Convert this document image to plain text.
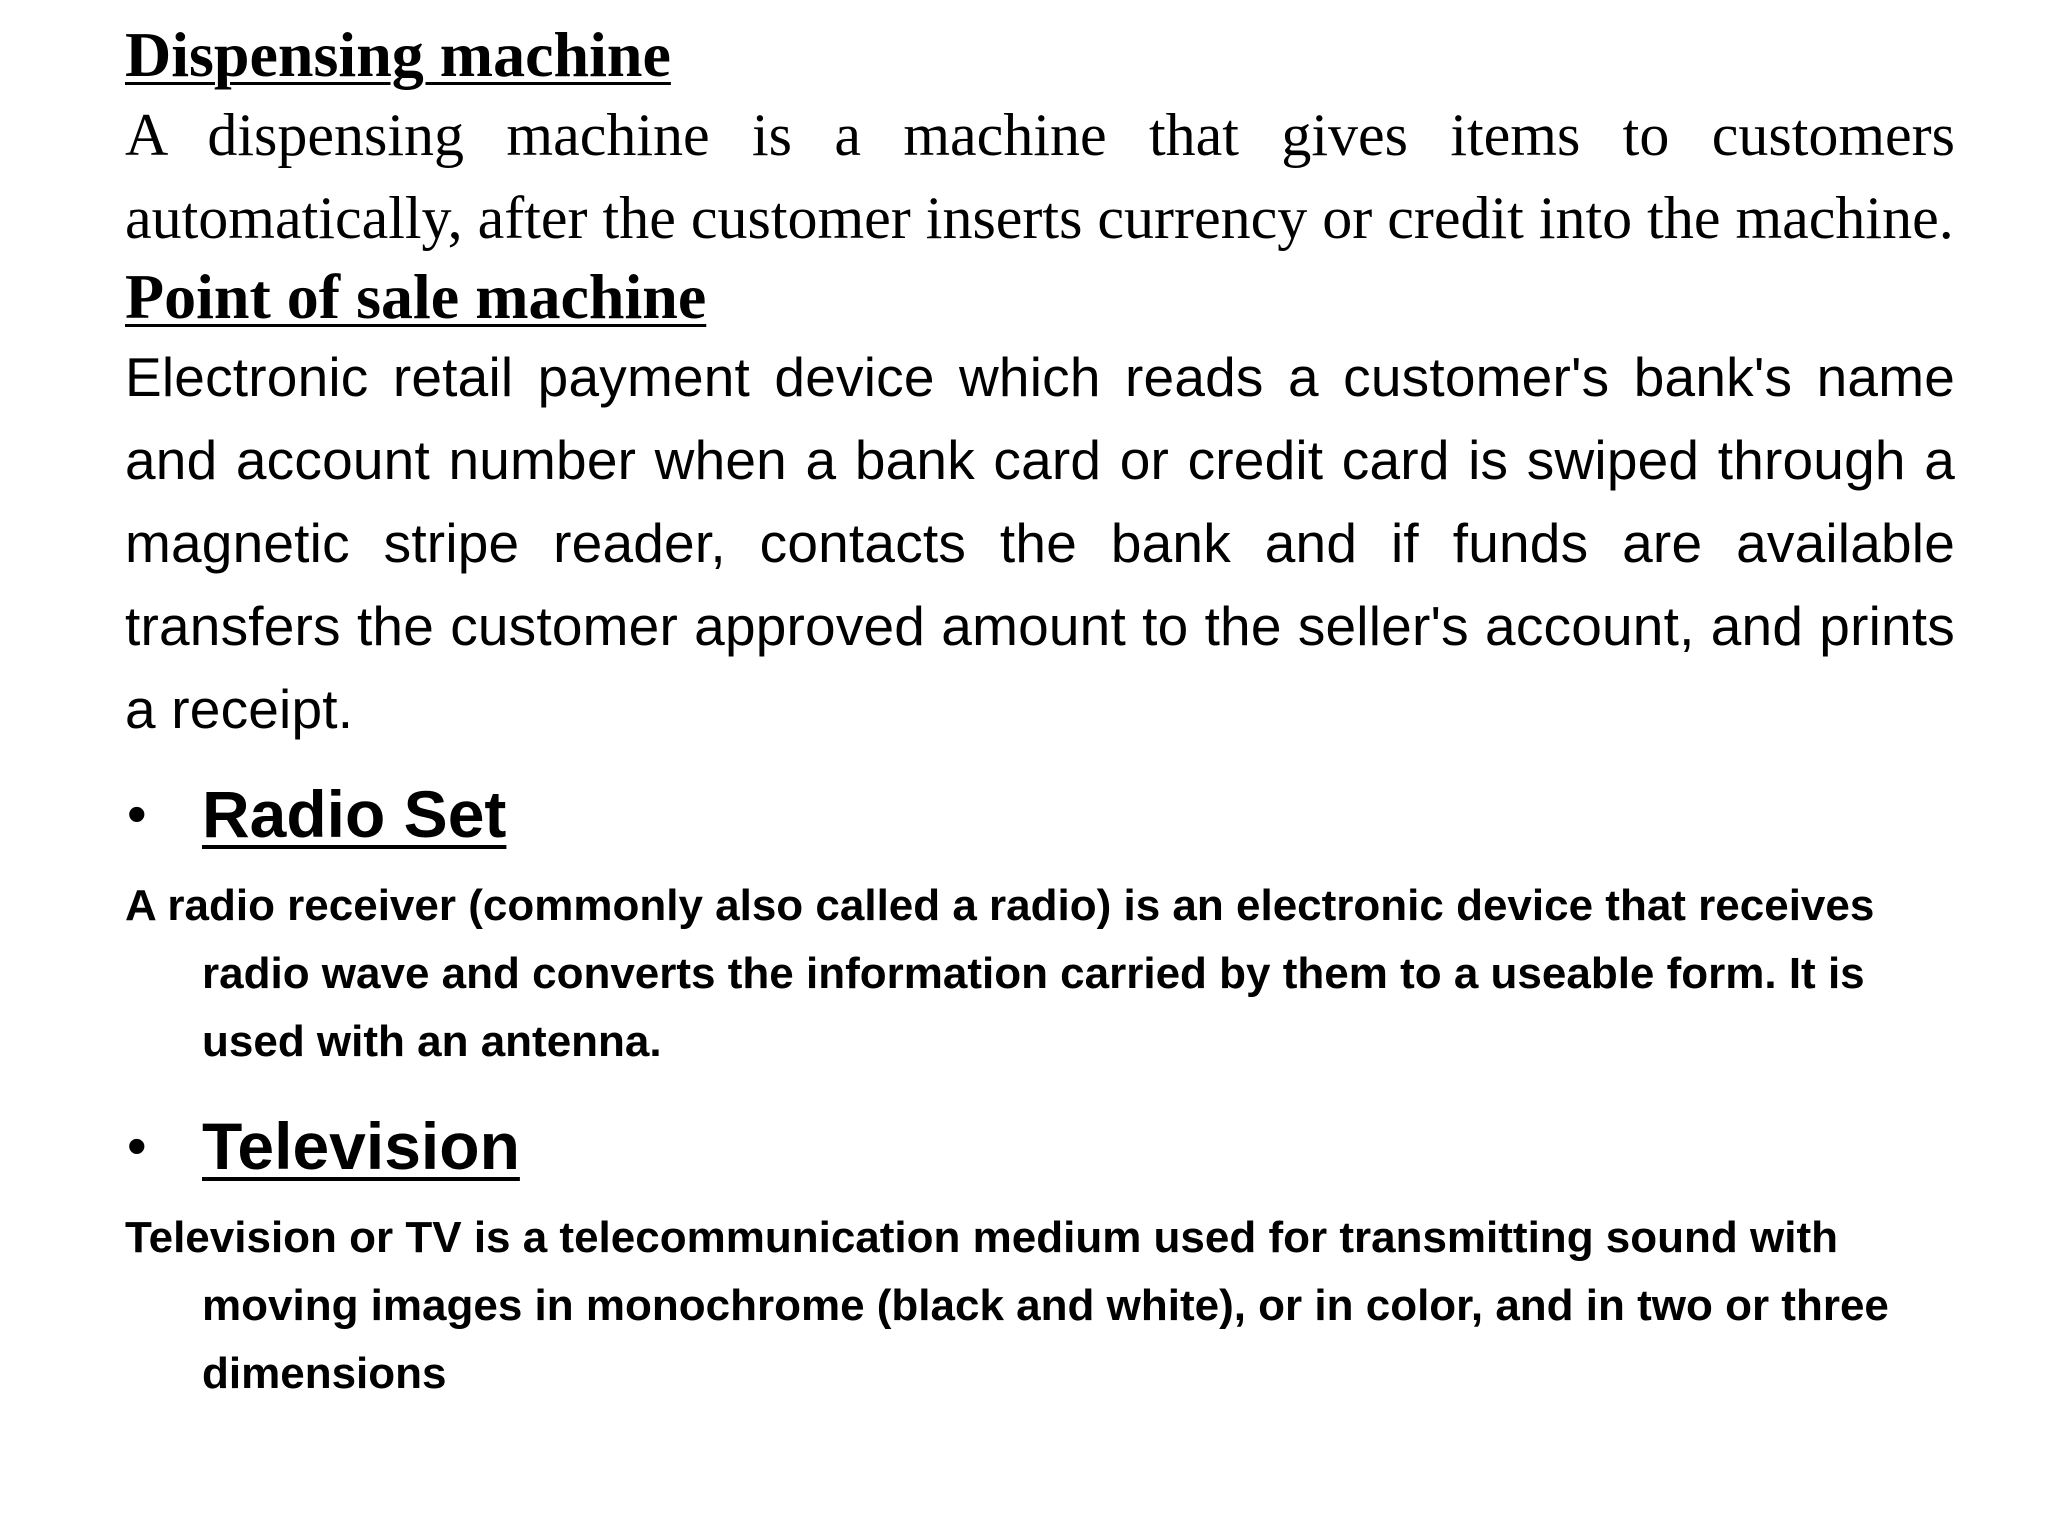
Dispensing machine

A dispensing machine is a machine that gives items to customers automatically, after the customer inserts currency or credit into the machine.

Point of sale machine

Electronic retail payment device which reads a customer's bank's name and account number when a bank card or credit card is swiped through a magnetic stripe reader, contacts the bank and if funds are available transfers the customer approved amount to the seller's account, and prints a receipt.

• Radio Set

A radio receiver (commonly also called a radio) is an electronic device that receives radio wave and converts the information carried by them to a useable form. It is used with an antenna.

• Television

Television or TV is a telecommunication medium used for transmitting sound with moving images in monochrome (black and white), or in color, and in two or three dimensions
